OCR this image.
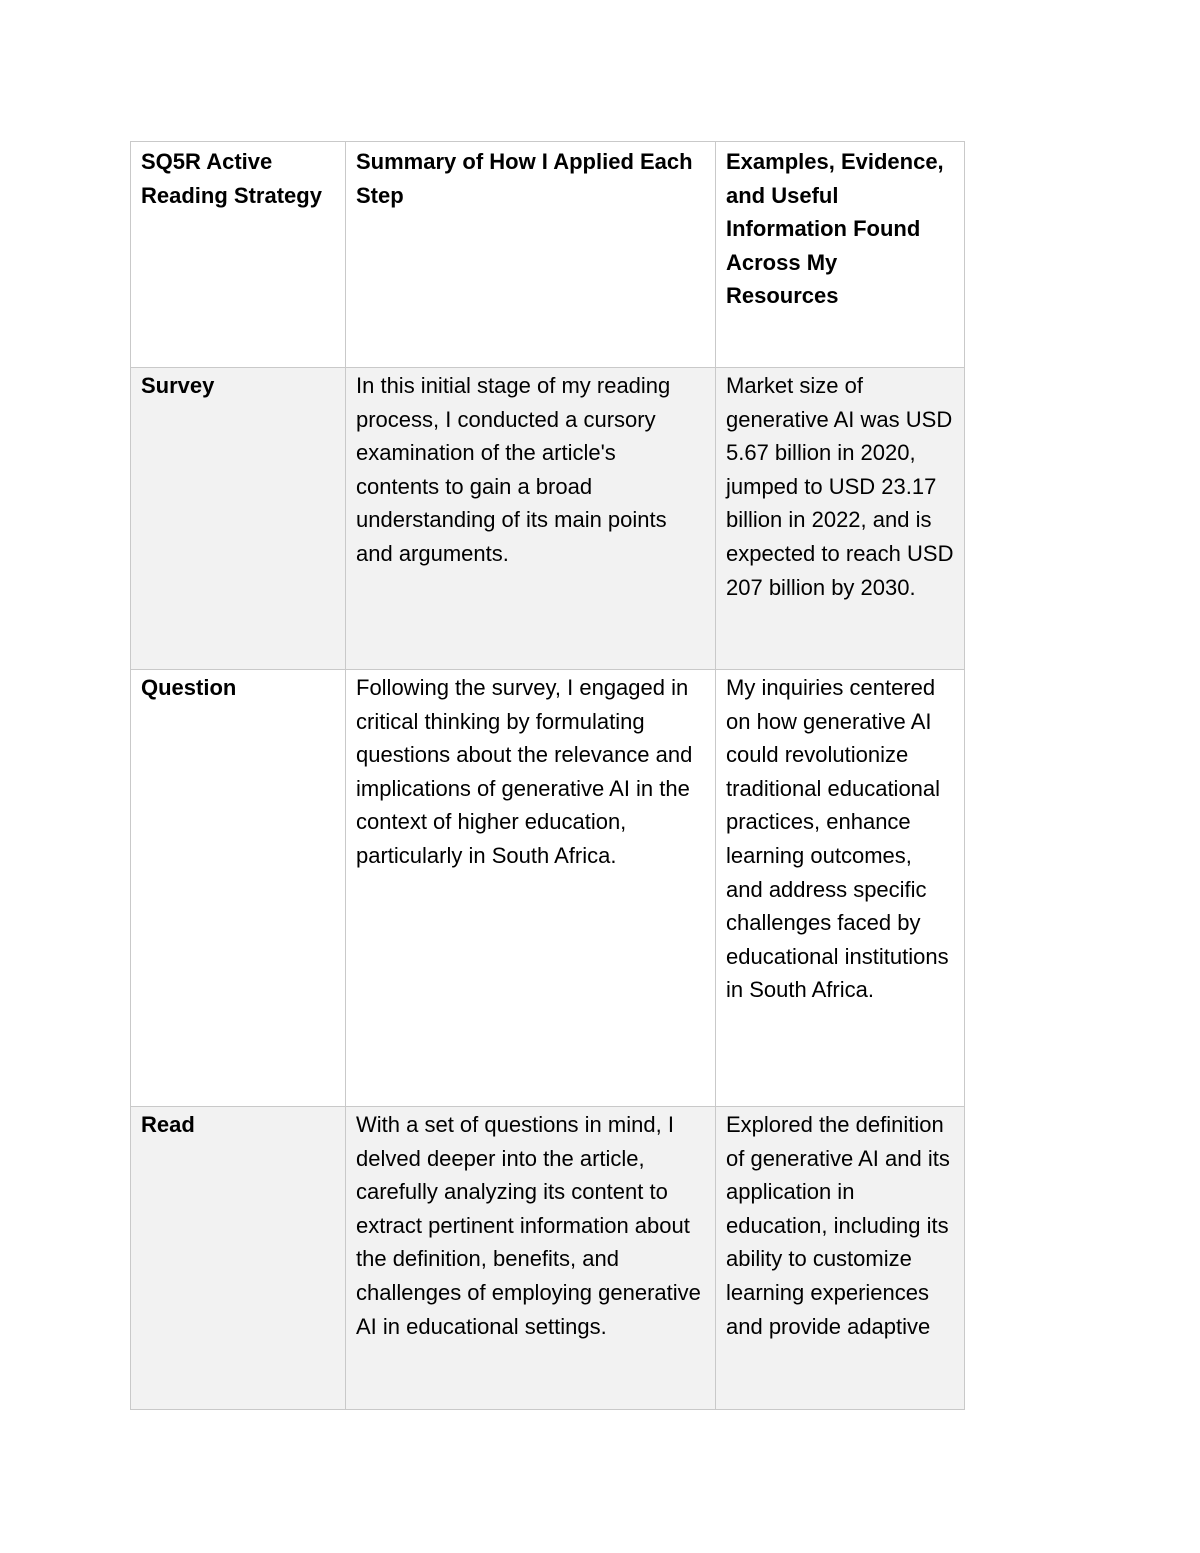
SQ5R Active Reading Strategy	Summary of How I Applied Each Step	Examples, Evidence, and Useful Information Found Across My Resources

Survey	In this initial stage of my reading process, I conducted a cursory examination of the article's contents to gain a broad understanding of its main points and arguments.	Market size of generative AI was USD 5.67 billion in 2020, jumped to USD 23.17 billion in 2022, and is expected to reach USD 207 billion by 2030.

Question	Following the survey, I engaged in critical thinking by formulating questions about the relevance and implications of generative AI in the context of higher education, particularly in South Africa.	My inquiries centered on how generative AI could revolutionize traditional educational practices, enhance learning outcomes, and address specific challenges faced by educational institutions in South Africa.

Read	With a set of questions in mind, I delved deeper into the article, carefully analyzing its content to extract pertinent information about the definition, benefits, and challenges of employing generative AI in educational settings.	Explored the definition of generative AI and its application in education, including its ability to customize learning experiences and provide adaptive
